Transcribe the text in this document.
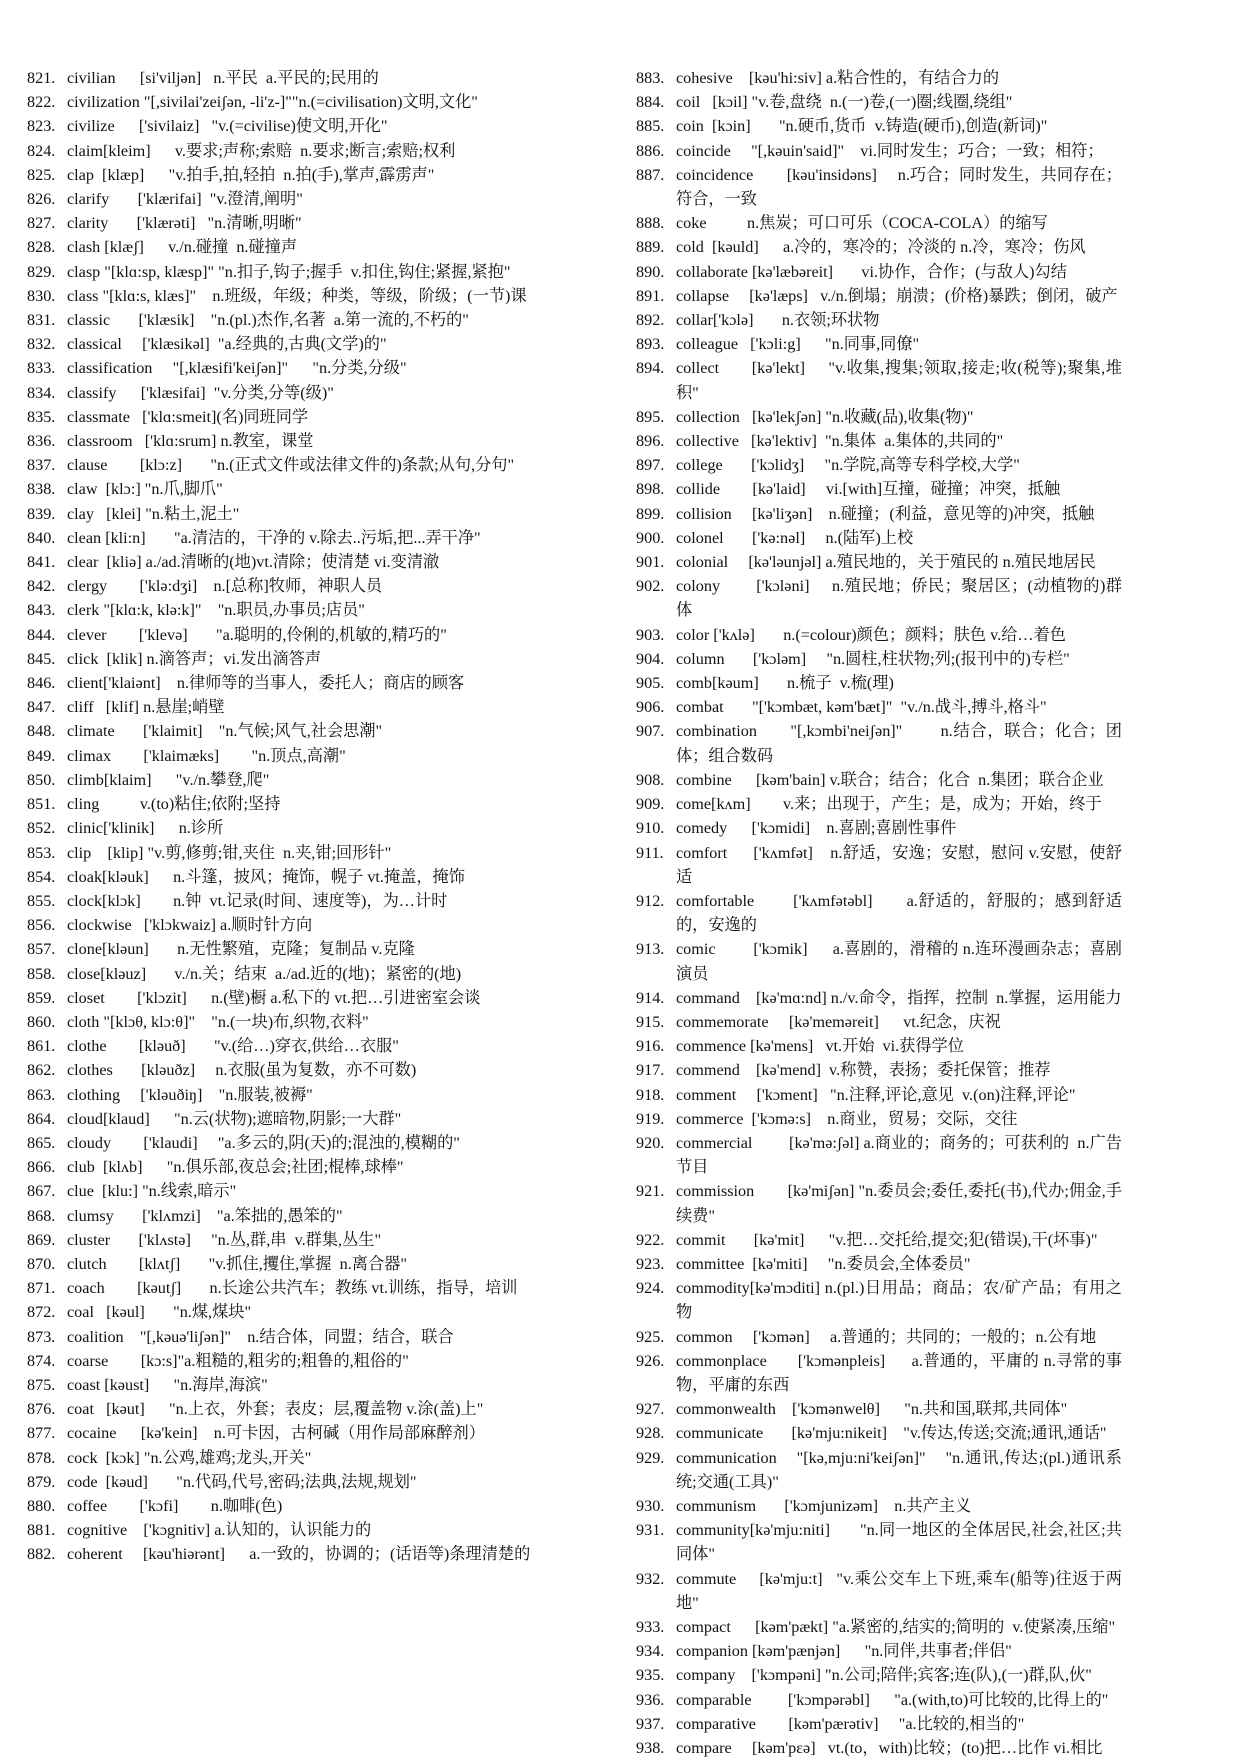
821. civilian      [si'viljən]   n.平民  a.平民的;民用的
822. civilization "[,sivilai'zeiʃən, -li'z-]""n.(=civilisation)文明,文化"
823. civilize      ['sivilaiz]   "v.(=civilise)使文明,开化"
824. claim[kleim]      v.要求;声称;索赔  n.要求;断言;索赔;权利
825. clap  [klæp]      "v.拍手,拍,轻拍  n.拍(手),掌声,霹雳声"
826. clarify       ['klærifai]  "v.澄清,阐明"
827. clarity       ['klærəti]   "n.清晰,明晰"
828. clash [klæʃ]      v./n.碰撞  n.碰撞声
829. clasp "[klɑ:sp, klæsp]" "n.扣子,钩子;握手  v.扣住,钩住;紧握,紧抱"
830. class "[klɑ:s, klæs]"    n.班级，年级；种类，等级，阶级；(一节)课
831. classic       ['klæsik]    "n.(pl.)杰作,名著  a.第一流的,不朽的"
832. classical     ['klæsikəl]  "a.经典的,古典(文学)的"
833. classification     "[,klæsifi'keiʃən]"      "n.分类,分级"
834. classify      ['klæsifai]  "v.分类,分等(级)"
835. classmate   ['klɑ:smeit](名)同班同学
836. classroom   ['klɑ:srum] n.教室，课堂
837. clause        [klɔ:z]       "n.(正式文件或法律文件的)条款;从句,分句"
838. claw  [klɔ:] "n.爪,脚爪"
839. clay   [klei] "n.粘土,泥土"
840. clean [kli:n]       "a.清洁的，干净的 v.除去..污垢,把...弄干净"
841. clear  [kliə] a./ad.清晰的(地)vt.清除；使清楚 vi.变清澈
842. clergy        ['klə:dʒi]    n.[总称]牧师，神职人员
843. clerk "[klɑ:k, klə:k]"    "n.职员,办事员;店员"
844. clever        ['klevə]       "a.聪明的,伶俐的,机敏的,精巧的"
845. click  [klik] n.滴答声；vi.发出滴答声
846. client['klaiənt]    n.律师等的当事人，委托人；商店的顾客
847. cliff   [klif] n.悬崖;峭壁
848. climate       ['klaimit]    "n.气候;风气,社会思潮"
849. climax        ['klaimæks]        "n.顶点,高潮"
850. climb[klaim]      "v./n.攀登,爬"
851. cling          v.(to)粘住;依附;坚持
852. clinic['klinik]      n.诊所
853. clip    [klip] "v.剪,修剪;钳,夹住  n.夹,钳;回形针"
854. cloak[kləuk]      n.斗篷，披风；掩饰，幌子 vt.掩盖，掩饰
855. clock[klɔk]        n.钟  vt.记录(时间、速度等)，为…计时
856. clockwise   ['klɔkwaiz] a.顺时针方向
857. clone[kləun]       n.无性繁殖，克隆；复制品 v.克隆
858. close[kləuz]       v./n.关；结束  a./ad.近的(地)；紧密的(地)
859. closet        ['klɔzit]      n.(壁)橱 a.私下的 vt.把…引进密室会谈
860. cloth "[klɔθ, klɔ:θ]"    "n.(一块)布,织物,衣料"
861. clothe        [kləuð]       "v.(给…)穿衣,供给…衣服"
862. clothes       [kləuðz]     n.衣服(虽为复数，亦不可数)
863. clothing     ['kləuðiŋ]    "n.服装,被褥"
864. cloud[klaud]      "n.云(状物);遮暗物,阴影;一大群"
865. cloudy        ['klaudi]     "a.多云的,阴(天)的;混浊的,模糊的"
866. club  [klʌb]      "n.俱乐部,夜总会;社团;棍棒,球棒"
867. clue  [klu:] "n.线索,暗示"
868. clumsy       ['klʌmzi]    "a.笨拙的,愚笨的"
869. cluster       ['klʌstə]     "n.丛,群,串  v.群集,丛生"
870. clutch        [klʌtʃ]       "v.抓住,攫住,掌握  n.离合器"
871. coach        [kəutʃ]       n.长途公共汽车；教练 vt.训练，指导，培训
872. coal   [kəul]       "n.煤,煤块"
873. coalition    "[,kəuə'liʃən]"    n.结合体，同盟；结合，联合
874. coarse        [kɔ:s]"a.粗糙的,粗劣的;粗鲁的,粗俗的"
875. coast [kəust]      "n.海岸,海滨"
876. coat   [kəut]      "n.上衣，外套；表皮；层,覆盖物 v.涂(盖)上"
877. cocaine      [kə'kein]    n.可卡因，古柯碱（用作局部麻醉剂）
878. cock  [kɔk] "n.公鸡,雄鸡;龙头,开关"
879. code  [kəud]       "n.代码,代号,密码;法典,法规,规划"
880. coffee        ['kɔfi]        n.咖啡(色)
881. cognitive    ['kɔgnitiv] a.认知的，认识能力的
882. coherent     [kəu'hiərənt]      a.一致的，协调的；(话语等)条理清楚的
883. cohesive    [kəu'hi:siv] a.粘合性的，有结合力的
884. coil   [kɔil] "v.卷,盘绕  n.(一)卷,(一)圈;线圈,绕组"
885. coin  [kɔin]       "n.硬币,货币  v.铸造(硬币),创造(新词)"
886. coincide     "[,kəuin'said]"    vi.同时发生；巧合；一致；相符；
887. coincidence        [kəu'insidəns]     n.巧合；同时发生，共同存在；符合，一致
888. coke          n.焦炭；可口可乐（COCA-COLA）的缩写
889. cold  [kəuld]      a.冷的，寒冷的；冷淡的 n.冷，寒冷；伤风
890. collaborate [kə'læbəreit]       vi.协作，合作；(与敌人)勾结
891. collapse     [kə'læps]   v./n.倒塌；崩溃；(价格)暴跌；倒闭，破产
892. collar['kɔlə]       n.衣领;环状物
893. colleague   ['kɔli:g]      "n.同事,同僚"
894. collect       [kə'lekt]     "v.收集,搜集;领取,接走;收(税等);聚集,堆积"
895. collection   [kə'lekʃən] "n.收藏(品),收集(物)"
896. collective   [kə'lektiv]  "n.集体  a.集体的,共同的"
897. college       ['kɔlidʒ]     "n.学院,高等专科学校,大学"
898. collide        [kə'laid]     vi.[with]互撞，碰撞；冲突，抵触
899. collision     [kə'liʒən]    n.碰撞；(利益，意见等的)冲突，抵触
900. colonel       ['kə:nəl]     n.(陆军)上校
901. colonial     [kə'ləunjəl] a.殖民地的，关于殖民的 n.殖民地居民
902. colony        ['kɔləni]     n.殖民地；侨民；聚居区；(动植物的)群体
903. color ['kʌlə]       n.(=colour)颜色；颜料；肤色 v.给…着色
904. column       ['kɔləm]     "n.圆柱,柱状物;列;(报刊中的)专栏"
905. comb[kəum]       n.梳子  v.梳(理)
906. combat       "['kɔmbæt, kəm'bæt]"  "v./n.战斗,搏斗,格斗"
907. combination       "[,kɔmbi'neiʃən]"        n.结合，联合；化合；团体；组合数码
908. combine      [kəm'bain] v.联合；结合；化合  n.集团；联合企业
909. come[kʌm]        v.来；出现于，产生；是，成为；开始，终于
910. comedy      ['kɔmidi]    n.喜剧;喜剧性事件
911. comfort      ['kʌmfət]    n.舒适，安逸；安慰，慰问 v.安慰，使舒适
912. comfortable        ['kʌmfətəbl]       a.舒适的，舒服的；感到舒适的，安逸的
913. comic         ['kɔmik]      a.喜剧的，滑稽的 n.连环漫画杂志；喜剧演员
914. command    [kə'mɑ:nd] n./v.命令，指挥，控制  n.掌握，运用能力
915. commemorate     [kə'meməreit]      vt.纪念，庆祝
916. commence [kə'mens]   vt.开始  vi.获得学位
917. commend    [kə'mend]  v.称赞，表扬；委托保管；推荐
918. comment     ['kɔment]   "n.注释,评论,意见  v.(on)注释,评论"
919. commerce  ['kɔmə:s]    n.商业，贸易；交际，交往
920. commercial         [kə'mə:ʃəl] a.商业的；商务的；可获利的  n.广告节目
921. commission        [kə'miʃən] "n.委员会;委任,委托(书),代办;佣金,手续费"
922. commit       [kə'mit]      "v.把…交托给,提交;犯(错误),干(坏事)"
923. committee  [kə'miti]     "n.委员会,全体委员"
924. commodity[kə'mɔditi] n.(pl.)日用品；商品；农/矿产品；有用之物
925. common     ['kɔmən]     a.普通的；共同的；一般的；n.公有地
926. commonplace       ['kɔmənpleis]      a.普通的，平庸的 n.寻常的事物，平庸的东西
927. commonwealth    ['kɔmənwelθ]      "n.共和国,联邦,共同体"
928. communicate       [kə'mju:nikeit]    "v.传达,传送;交流;通讯,通话"
929. communication    "[kə,mju:ni'keiʃən]"    "n.通讯,传达;(pl.)通讯系统;交通(工具)"
930. communism       ['kɔmjunizəm]    n.共产主义
931. community[kə'mju:niti]       "n.同一地区的全体居民,社会,社区;共同体"
932. commute     [kə'mju:t]   "v.乘公交车上下班,乘车(船等)往返于两地"
933. compact      [kəm'pækt] "a.紧密的,结实的;简明的  v.使紧凑,压缩"
934. companion [kəm'pænjən]      "n.同伴,共事者;伴侣"
935. company    ['kɔmpəni] "n.公司;陪伴;宾客;连(队),(一)群,队,伙"
936. comparable         ['kɔmpərəbl]      "a.(with,to)可比较的,比得上的"
937. comparative        [kəm'pærətiv]     "a.比较的,相当的"
938. compare     [kəm'pεə]   vt.(to，with)比较；(to)把…比作 vi.相比
